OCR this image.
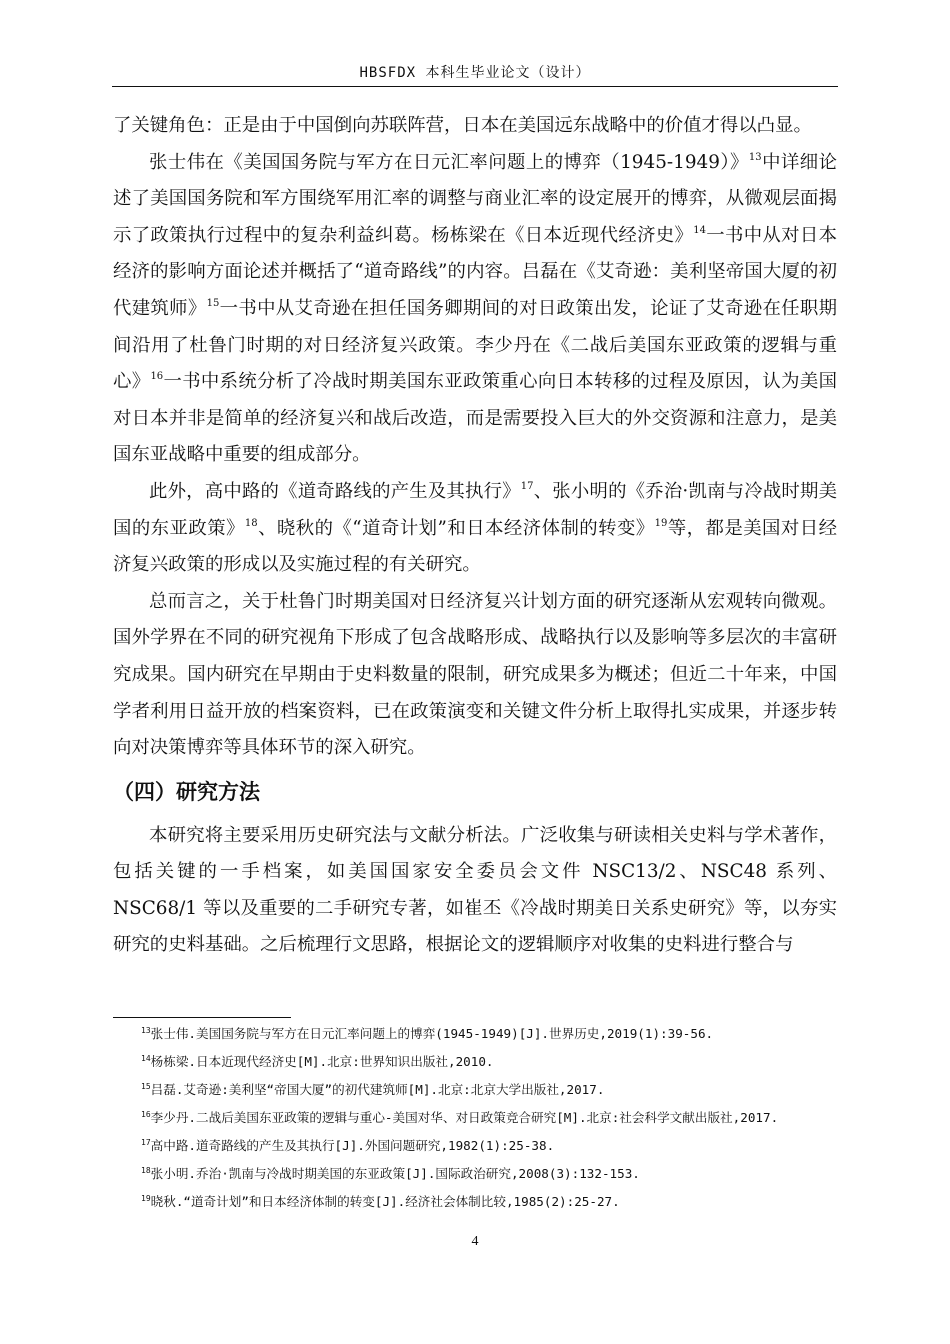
HBSFDX 本科生毕业论文（设计）

了关键角色：正是由于中国倒向苏联阵营，日本在美国远东战略中的价值才得以凸显。

张士伟在《美国国务院与军方在日元汇率问题上的博弈（1945-1949）》$^{13}$中详细论述了美国国务院和军方围绕军用汇率的调整与商业汇率的设定展开的博弈，从微观层面揭示了政策执行过程中的复杂利益纠葛。杨栋梁在《日本近现代经济史》$^{14}$一书中从对日本经济的影响方面论述并概括了“道奇路线”的内容。吕磊在《艾奇逊：美利坚帝国大厦的初代建筑师》$^{15}$一书中从艾奇逊在担任国务卿期间的对日政策出发，论证了艾奇逊在任职期间沿用了杜鲁门时期的对日经济复兴政策。李少丹在《二战后美国东亚政策的逻辑与重心》$^{16}$一书中系统分析了冷战时期美国东亚政策重心向日本转移的过程及原因，认为美国对日本并非是简单的经济复兴和战后改造，而是需要投入巨大的外交资源和注意力，是美国东亚战略中重要的组成部分。

此外，高中路的《道奇路线的产生及其执行》$^{17}$、张小明的《乔治·凯南与冷战时期美国的东亚政策》$^{18}$、晓秋的《“道奇计划”和日本经济体制的转变》$^{19}$等，都是美国对日经济复兴政策的形成以及实施过程的有关研究。

总而言之，关于杜鲁门时期美国对日经济复兴计划方面的研究逐渐从宏观转向微观。国外学界在不同的研究视角下形成了包含战略形成、战略执行以及影响等多层次的丰富研究成果。国内研究在早期由于史料数量的限制，研究成果多为概述；但近二十年来，中国学者利用日益开放的档案资料，已在政策演变和关键文件分析上取得扎实成果，并逐步转向对决策博弈等具体环节的深入研究。

（四）研究方法

本研究将主要采用历史研究法与文献分析法。广泛收集与研读相关史料与学术著作，包括关键的一手档案，如美国国家安全委员会文件 NSC13/2、NSC48 系列、NSC68/1 等以及重要的二手研究专著，如崔丕《冷战时期美日关系史研究》等，以夯实研究的史料基础。之后梳理行文思路，根据论文的逻辑顺序对收集的史料进行整合与

$^{13}$张士伟.美国国务院与军方在日元汇率问题上的博弈(1945-1949)[J].世界历史,2019(1):39-56.

$^{14}$杨栋梁.日本近现代经济史[M].北京:世界知识出版社,2010.

$^{15}$吕磊.艾奇逊:美利坚“帝国大厦”的初代建筑师[M].北京:北京大学出版社,2017.

$^{16}$李少丹.二战后美国东亚政策的逻辑与重心-美国对华、对日政策竞合研究[M].北京:社会科学文献出版社,2017.

$^{17}$高中路.道奇路线的产生及其执行[J].外国问题研究,1982(1):25-38.

$^{18}$张小明.乔治·凯南与冷战时期美国的东亚政策[J].国际政治研究,2008(3):132-153.

$^{19}$晓秋.“道奇计划”和日本经济体制的转变[J].经济社会体制比较,1985(2):25-27.

4
